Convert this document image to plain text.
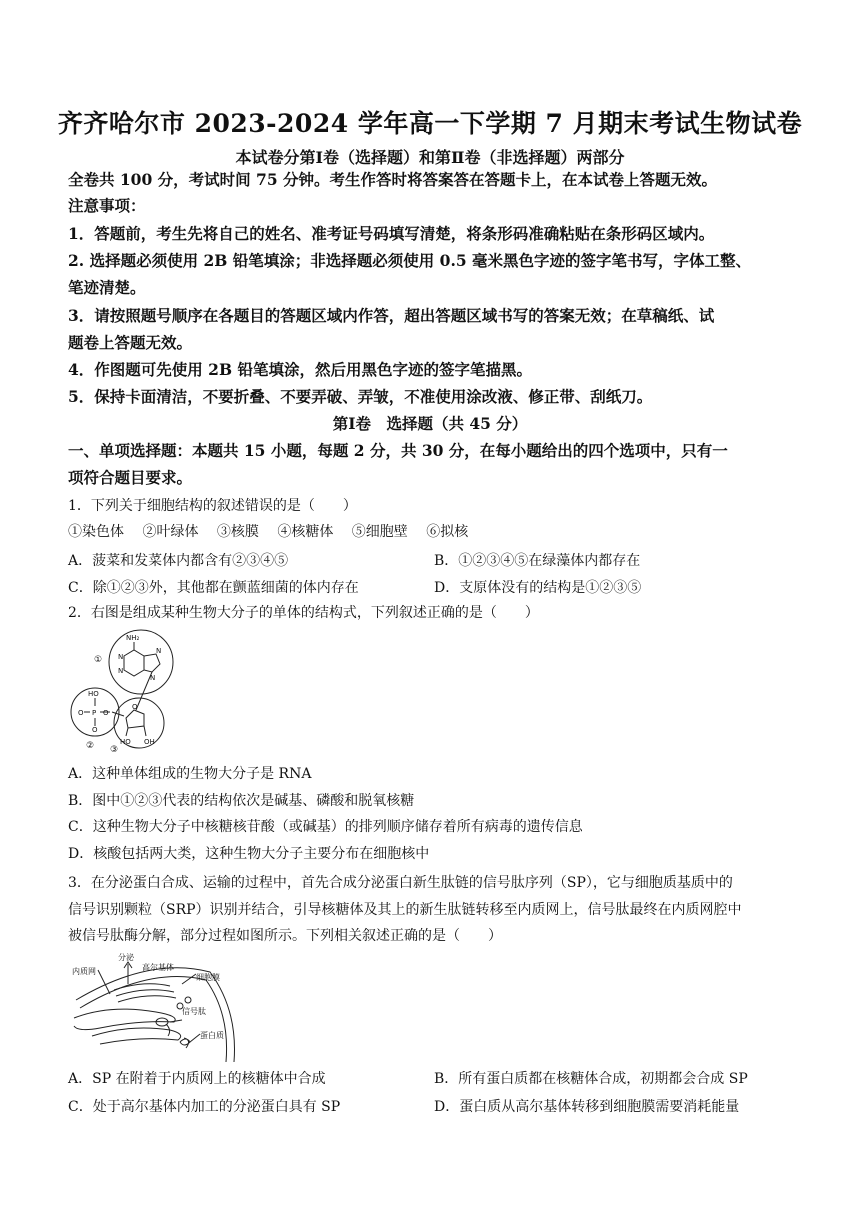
齐齐哈尔市 2023-2024 学年高一下学期 7 月期末考试生物试卷
本试卷分第Ⅰ卷（选择题）和第Ⅱ卷（非选择题）两部分
全卷共 100 分，考试时间 75 分钟。考生作答时将答案答在答题卡上，在本试卷上答题无效。
注意事项：
1．答题前，考生先将自己的姓名、准考证号码填写清楚，将条形码准确粘贴在条形码区域内。
2. 选择题必须使用 2B 铅笔填涂；非选择题必须使用 0.5 毫米黑色字迹的签字笔书写，字体工整、
笔迹清楚。
3．请按照题号顺序在各题目的答题区域内作答，超出答题区域书写的答案无效；在草稿纸、试
题卷上答题无效。
4．作图题可先使用 2B 铅笔填涂，然后用黑色字迹的签字笔描黑。
5．保持卡面清洁，不要折叠、不要弄破、弄皱，不准使用涂改液、修正带、刮纸刀。
第Ⅰ卷　选择题（共 45 分）
一、单项选择题：本题共 15 小题，每题 2 分，共 30 分，在每小题给出的四个选项中，只有一
项符合题目要求。
1．下列关于细胞结构的叙述错误的是（　　）
①染色体　 ②叶绿体　 ③核膜　 ④核糖体　 ⑤细胞壁　 ⑥拟核
A．菠菜和发菜体内都含有②③④⑤	B．①②③④⑤在绿藻体内都存在
C．除①②③外，其他都在颤蓝细菌的体内存在	D．支原体没有的结构是①②③⑤
2．右图是组成某种生物大分子的单体的结构式，下列叙述正确的是（　　）
NH₂
N
N
N
N
HO
O P O
O
O
HO OH
①
② ③
A．这种单体组成的生物大分子是 RNA
B．图中①②③代表的结构依次是碱基、磷酸和脱氧核糖
C．这种生物大分子中核糖核苷酸（或碱基）的排列顺序储存着所有病毒的遗传信息
D．核酸包括两大类，这种生物大分子主要分布在细胞核中
3．在分泌蛋白合成、运输的过程中，首先合成分泌蛋白新生肽链的信号肽序列（SP），它与细胞质基质中的
信号识别颗粒（SRP）识别并结合，引导核糖体及其上的新生肽链转移至内质网上，信号肽最终在内质网腔中
被信号肽酶分解，部分过程如图所示。下列相关叙述正确的是（　　）
内质网
分泌
高尔基体
细胞膜
信号肽
蛋白质
A．SP 在附着于内质网上的核糖体中合成	B．所有蛋白质都在核糖体合成，初期都会合成 SP
C．处于高尔基体内加工的分泌蛋白具有 SP	D．蛋白质从高尔基体转移到细胞膜需要消耗能量
